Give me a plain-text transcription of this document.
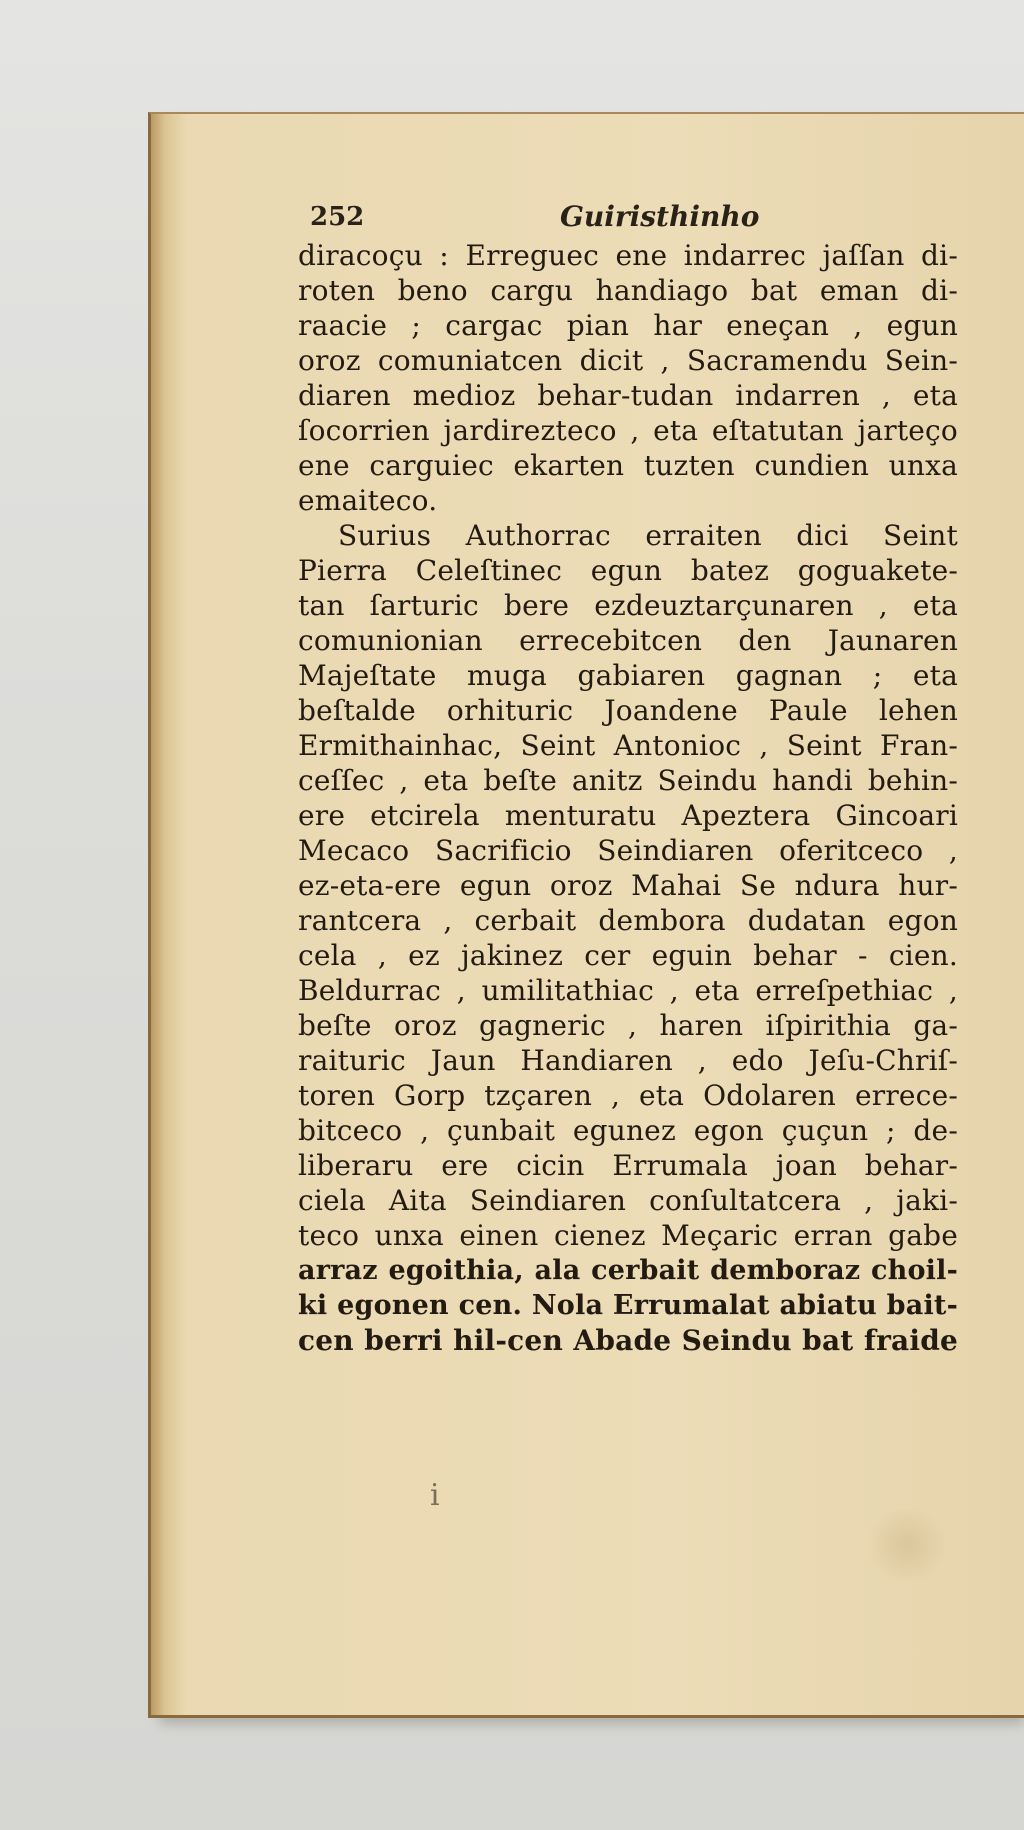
252	Guiristhinho
diracoçu : Erreguec ene indarrec jaſſan di-
roten beno cargu handiago bat eman di-
raacie ; cargac pian har eneçan , egun
oroz comuniatcen dicit , Sacramendu Sein-
diaren medioz behar-tudan indarren , eta
ſocorrien jardirezteco , eta eſtatutan jarteço
ene carguiec ekarten tuzten cundien unxa
emaiteco.
Surius Authorrac erraiten dici Seint
Pierra Celeſtinec egun batez goguakete-
tan ſarturic bere ezdeuztarçunaren , eta
comunionian errecebitcen den Jaunaren
Majeſtate muga gabiaren gagnan ; eta
beſtalde orhituric Joandene Paule lehen
Ermithainhac, Seint Antonioc , Seint Fran-
ceſſec , eta beſte anitz Seindu handi behin-
ere etcirela menturatu Apeztera Gincoari
Mecaco Sacrificio Seindiaren oferitceco ,
ez-eta-ere egun oroz Mahai Se ndura hur-
rantcera , cerbait dembora dudatan egon
cela , ez jakinez cer eguin behar - cien.
Beldurrac , umilitathiac , eta erreſpethiac ,
beſte oroz gagneric , haren iſpirithia ga-
raituric Jaun Handiaren , edo Jeſu-Chriſ-
toren Gorp tzçaren , eta Odolaren errece-
bitceco , çunbait egunez egon çuçun ; de-
liberaru ere cicin Errumala joan behar-
ciela Aita Seindiaren conſultatcera , jaki-
teco unxa einen cienez Meçaric erran gabe
arraz egoithia, ala cerbait demboraz choil-
ki egonen cen. Nola Errumalat abiatu bait-
cen berri hil-cen Abade Seindu bat fraide
i
